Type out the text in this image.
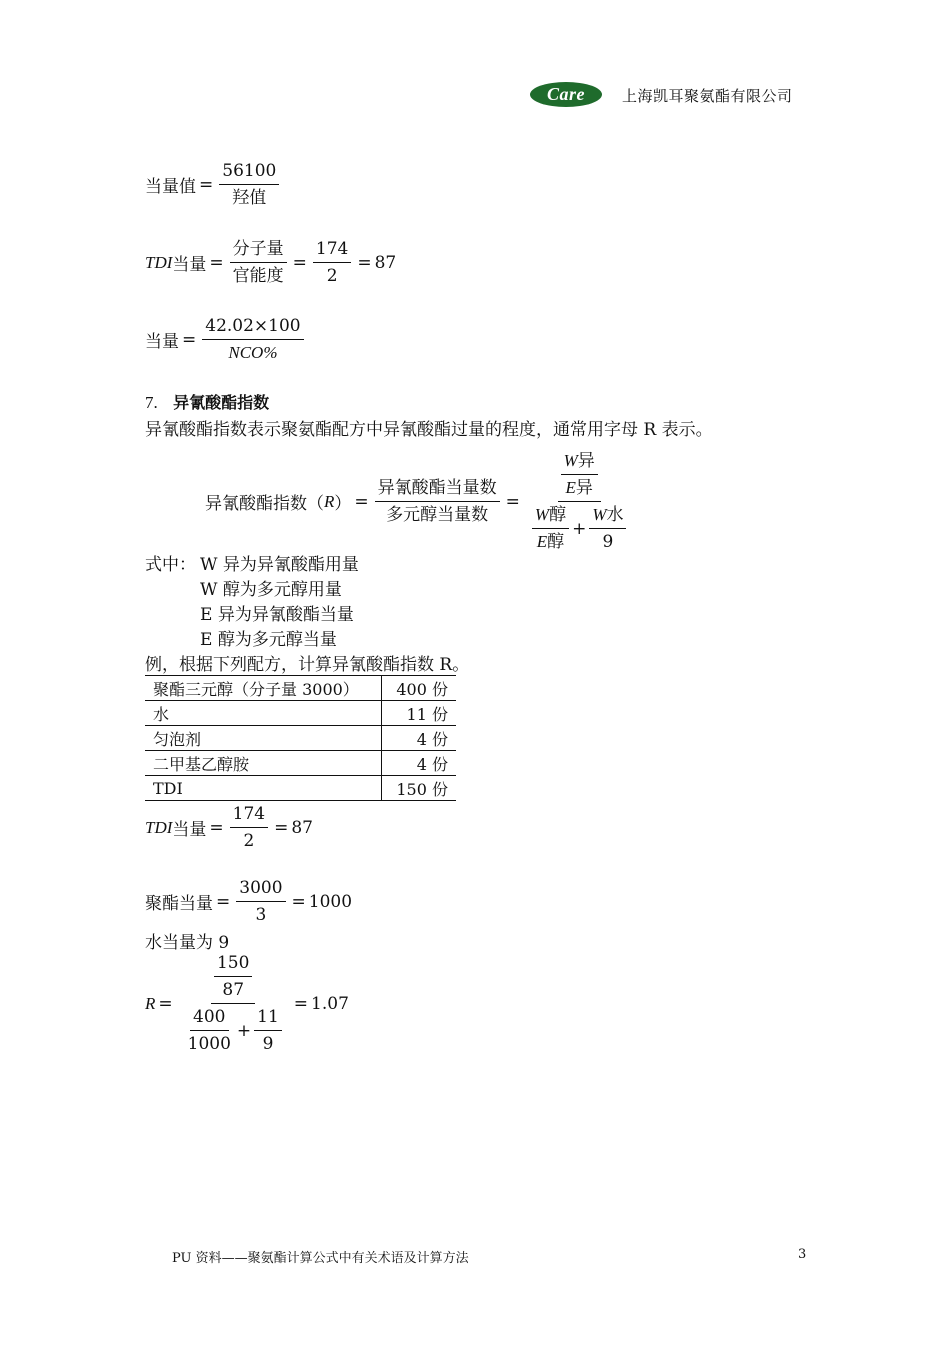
Care	上海凯耳聚氨酯有限公司
当量值 = $\frac{56100}{\text{羟值}}$
TDI 当量 = $\frac{\text{分子量}}{\text{官能度}} = \frac{174}{2} = 87$
当量 = $\frac{42.02\times 100}{\text{NCO\%}}$
7. 异氰酸酯指数
异氰酸酯指数表示聚氨酯配方中异氰酸酯过量的程度，通常用字母 R 表示。
异氰酸酯指数（ R ） = $\frac{\text{异氰酸酯当量数}}{\text{多元醇当量数}} = \frac{\frac{\text{W异}}{\text{E异}}}{\frac{\text{W醇}}{\text{E醇}} + \frac{\text{W水}}{9}}$
式中： W 异为异氰酸酯用量
W 醇为多元醇用量
E 异为异氰酸酯当量
E 醇为多元醇当量
例，根据下列配方，计算异氰酸酯指数 R。
聚酯三元醇（分子量 3000）	400 份
水	11 份
匀泡剂	4 份
二甲基乙醇胺	4 份
TDI	150 份
TDI 当量 = $\frac{174}{2} = 87$
聚酯当量 = $\frac{3000}{3} = 1000$
水当量为 9
$R = \frac{\frac{150}{87}}{\frac{400}{1000} + \frac{11}{9}} = 1.07$
PU 资料——聚氨酯计算公式中有关术语及计算方法	3
